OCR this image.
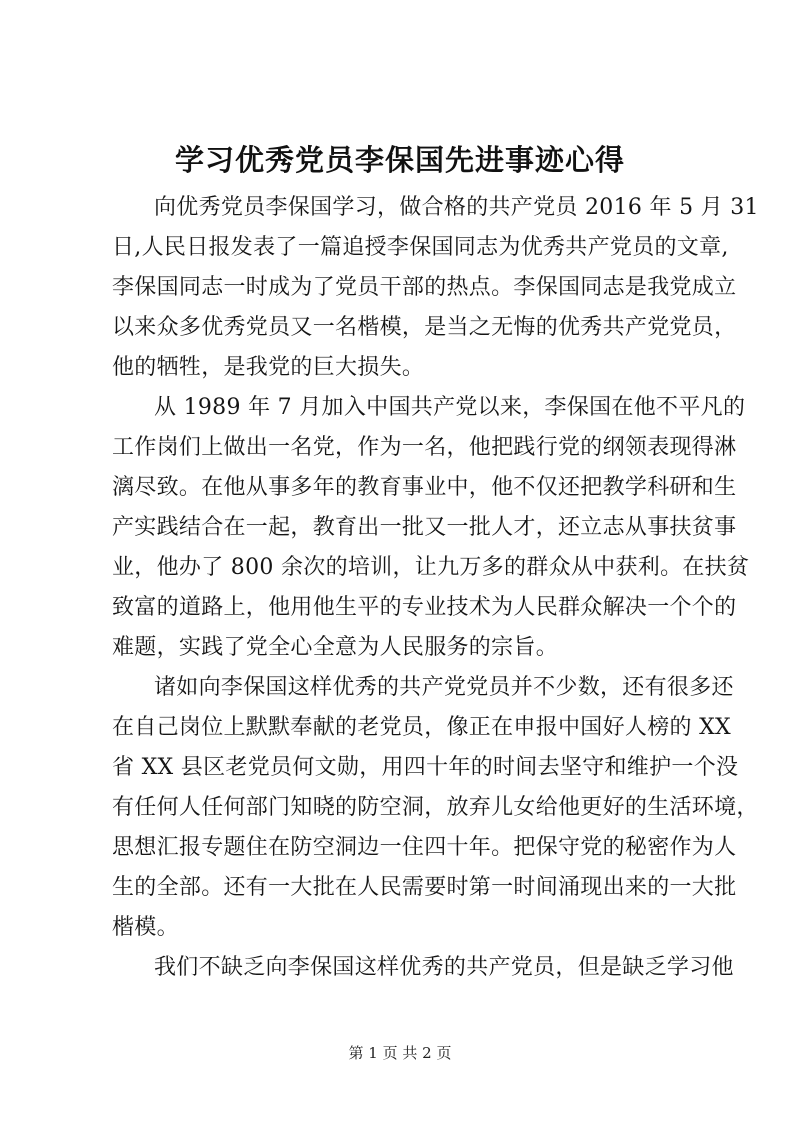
学习优秀党员李保国先进事迹心得
向优秀党员李保国学习，做合格的共产党员 2016 年 5 月 31
日,人民日报发表了一篇追授李保国同志为优秀共产党员的文章,
李保国同志一时成为了党员干部的热点。李保国同志是我党成立
以来众多优秀党员又一名楷模，是当之无悔的优秀共产党党员，
他的牺牲，是我党的巨大损失。
从 1989 年 7 月加入中国共产党以来，李保国在他不平凡的
工作岗们上做出一名党，作为一名，他把践行党的纲领表现得淋
漓尽致。在他从事多年的教育事业中，他不仅还把教学科研和生
产实践结合在一起，教育出一批又一批人才，还立志从事扶贫事
业，他办了 800 余次的培训，让九万多的群众从中获利。在扶贫
致富的道路上，他用他生平的专业技术为人民群众解决一个个的
难题，实践了党全心全意为人民服务的宗旨。
诸如向李保国这样优秀的共产党党员并不少数，还有很多还
在自己岗位上默默奉献的老党员，像正在申报中国好人榜的 XX
省 XX 县区老党员何文勋，用四十年的时间去坚守和维护一个没
有任何人任何部门知晓的防空洞，放弃儿女给他更好的生活环境，
思想汇报专题住在防空洞边一住四十年。把保守党的秘密作为人
生的全部。还有一大批在人民需要时第一时间涌现出来的一大批
楷模。
我们不缺乏向李保国这样优秀的共产党员，但是缺乏学习他
第 1 页 共 2 页
